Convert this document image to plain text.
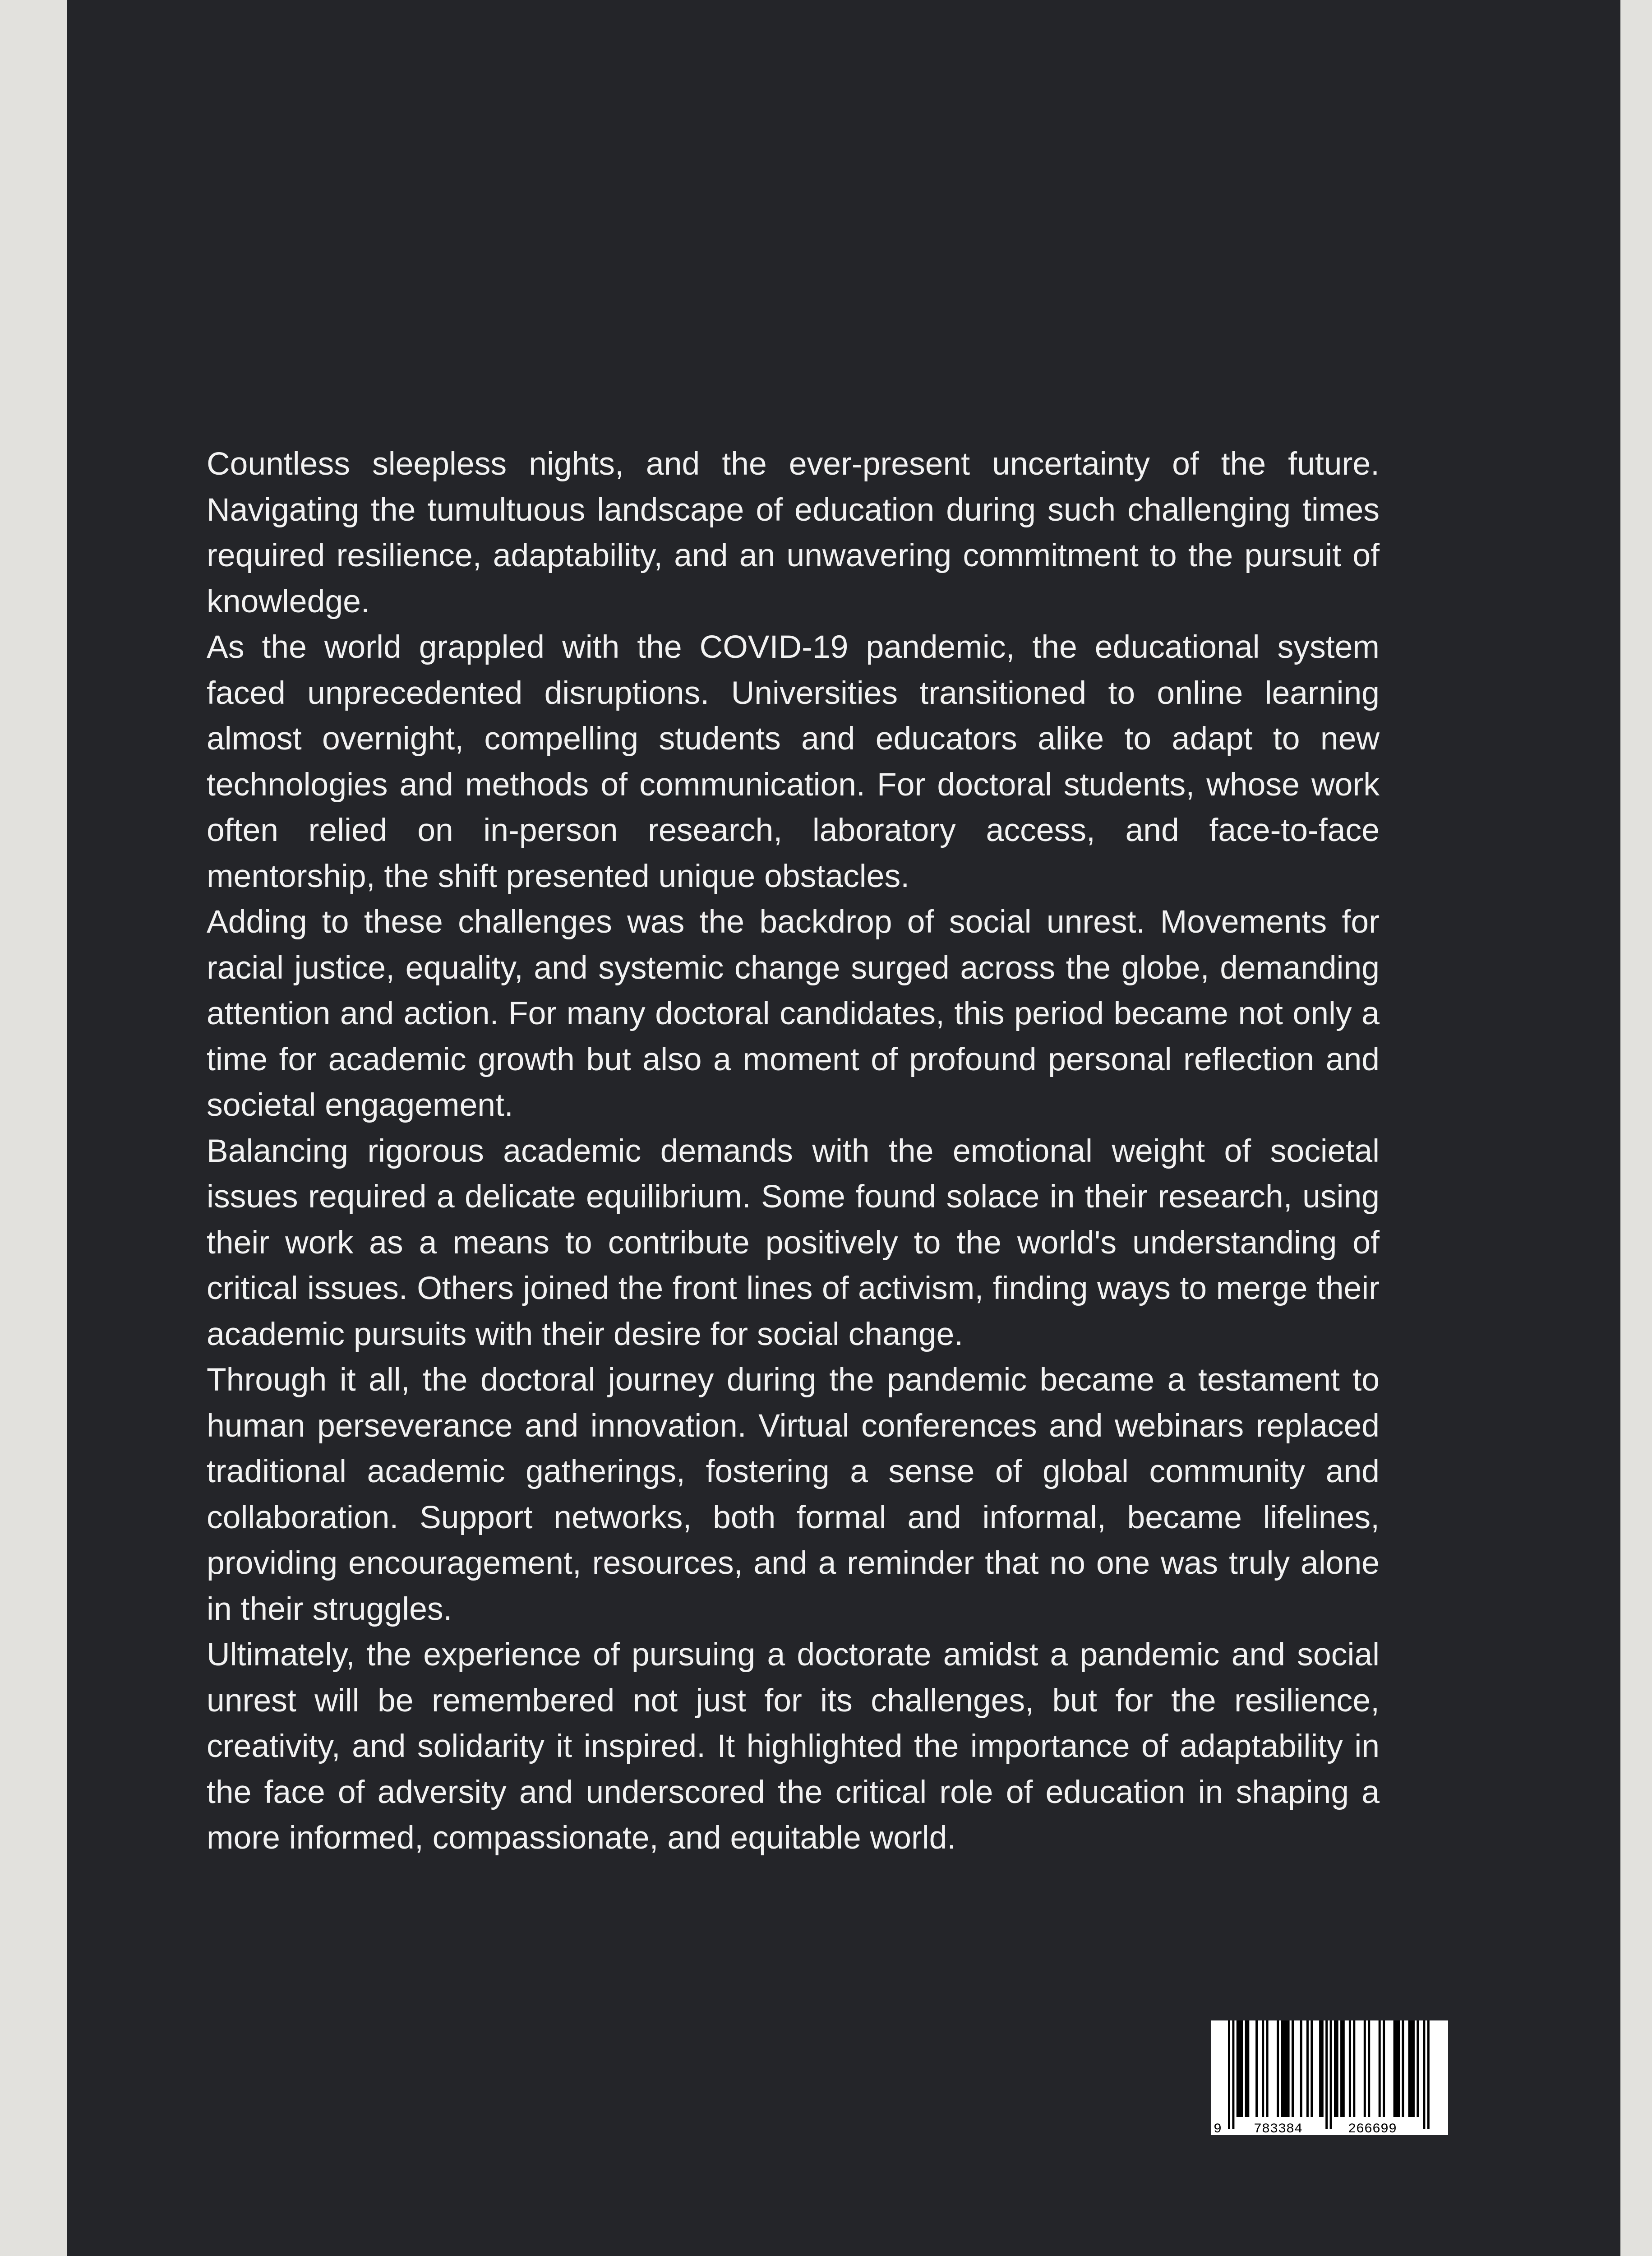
Countless sleepless nights, and the ever-present uncertainty of the future. Navigating the tumultuous landscape of education during such challenging times required resilience, adaptability, and an unwavering commitment to the pursuit of knowledge.

As the world grappled with the COVID-19 pandemic, the educational system faced unprecedented disruptions. Universities transitioned to online learning almost overnight, compelling students and educators alike to adapt to new technologies and methods of communication. For doctoral students, whose work often relied on in-person research, laboratory access, and face-to-face mentorship, the shift presented unique obstacles.

Adding to these challenges was the backdrop of social unrest. Movements for racial justice, equality, and systemic change surged across the globe, demanding attention and action. For many doctoral candidates, this period became not only a time for academic growth but also a moment of profound personal reflection and societal engagement.

Balancing rigorous academic demands with the emotional weight of societal issues required a delicate equilibrium. Some found solace in their research, using their work as a means to contribute positively to the world's understanding of critical issues. Others joined the front lines of activism, finding ways to merge their academic pursuits with their desire for social change.

Through it all, the doctoral journey during the pandemic became a testament to human perseverance and innovation. Virtual conferences and webinars replaced traditional academic gatherings, fostering a sense of global community and collaboration. Support networks, both formal and informal, became lifelines, providing encouragement, resources, and a reminder that no one was truly alone in their struggles.

Ultimately, the experience of pursuing a doctorate amidst a pandemic and social unrest will be remembered not just for its challenges, but for the resilience, creativity, and solidarity it inspired. It highlighted the importance of adaptability in the face of adversity and underscored the critical role of education in shaping a more informed, compassionate, and equitable world.

9 783384	266699
